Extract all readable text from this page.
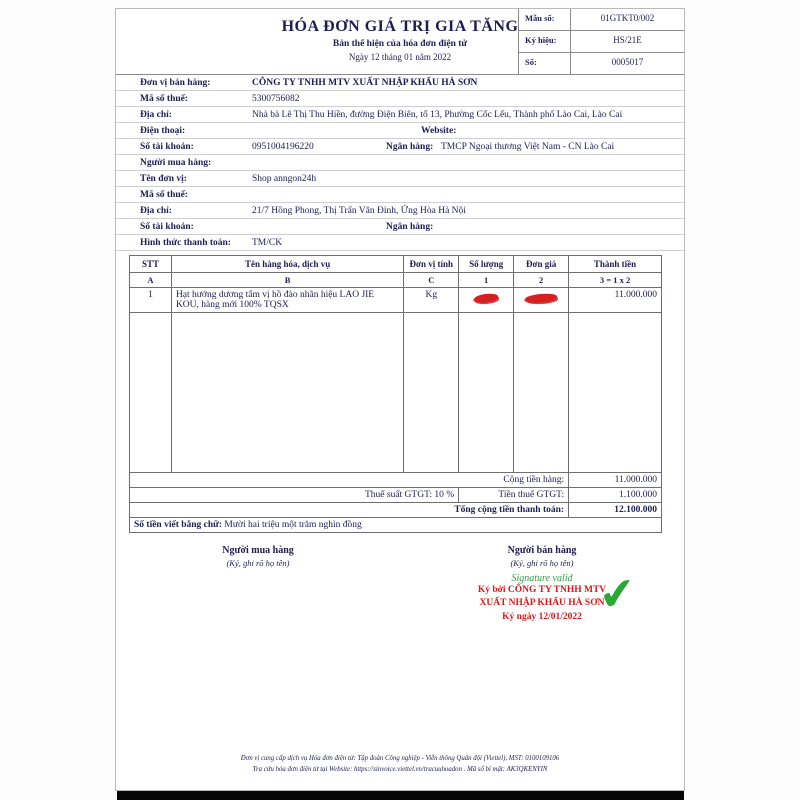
HÓA ĐƠN GIÁ TRỊ GIA TĂNG
Bản thể hiện của hóa đơn điện tử
Ngày 12 tháng 01 năm 2022
Mẫu số:	01GTKT0/002
Ký hiệu:	HS/21E
Số:	0005017
Đơn vị bán hàng:	CÔNG TY TNHH MTV XUẤT NHẬP KHẨU HÀ SƠN
Mã số thuế:	5300756082
Địa chỉ:	Nhà bà Lê Thị Thu Hiền, đường Điện Biên, tổ 13, Phường Cốc Lếu, Thành phố Lào Cai, Lào Cai
Điện thoại:	Website:
Số tài khoản:	0951004196220	Ngân hàng: TMCP Ngoại thương Việt Nam - CN Lào Cai
Người mua hàng:
Tên đơn vị:	Shop anngon24h
Mã số thuế:
Địa chỉ:	21/7 Hồng Phong, Thị Trấn Vân Đình, Ứng Hòa Hà Nội
Số tài khoản:	Ngân hàng:
Hình thức thanh toán:	TM/CK
STT	Tên hàng hóa, dịch vụ	Đơn vị tính	Số lượng	Đơn giá	Thành tiền
A	B	C	1	2	3 = 1 x 2
1	Hạt hướng dương tẩm vị hồ đào nhãn hiệu LAO JIE KOU, hàng mới 100% TQSX	Kg			11.000.000

Cộng tiền hàng:					11.000.000
Thuế suất GTGT: 10 %			Tiền thuế GTGT:		1.100.000
Tổng cộng tiền thanh toán:					12.100.000
Số tiền viết bằng chữ: Mười hai triệu một trăm nghìn đồng					
Người mua hàng
(Ký, ghi rõ họ tên)
Người bán hàng
(Ký, ghi rõ họ tên)
✔
Signature valid
Ký bởi CÔNG TY TNHH MTV
XUẤT NHẬP KHẨU HÀ SƠN
Ký ngày 12/01/2022
Đơn vị cung cấp dịch vụ Hóa đơn điện tử: Tập đoàn Công nghiệp - Viễn thông Quân đội (Viettel), MST: 0100109106
Tra cứu hóa đơn điện tử tại Website: https://sinvoice.viettel.vn/tracuuhoadon . Mã số bí mật: AK3QKENYIN
